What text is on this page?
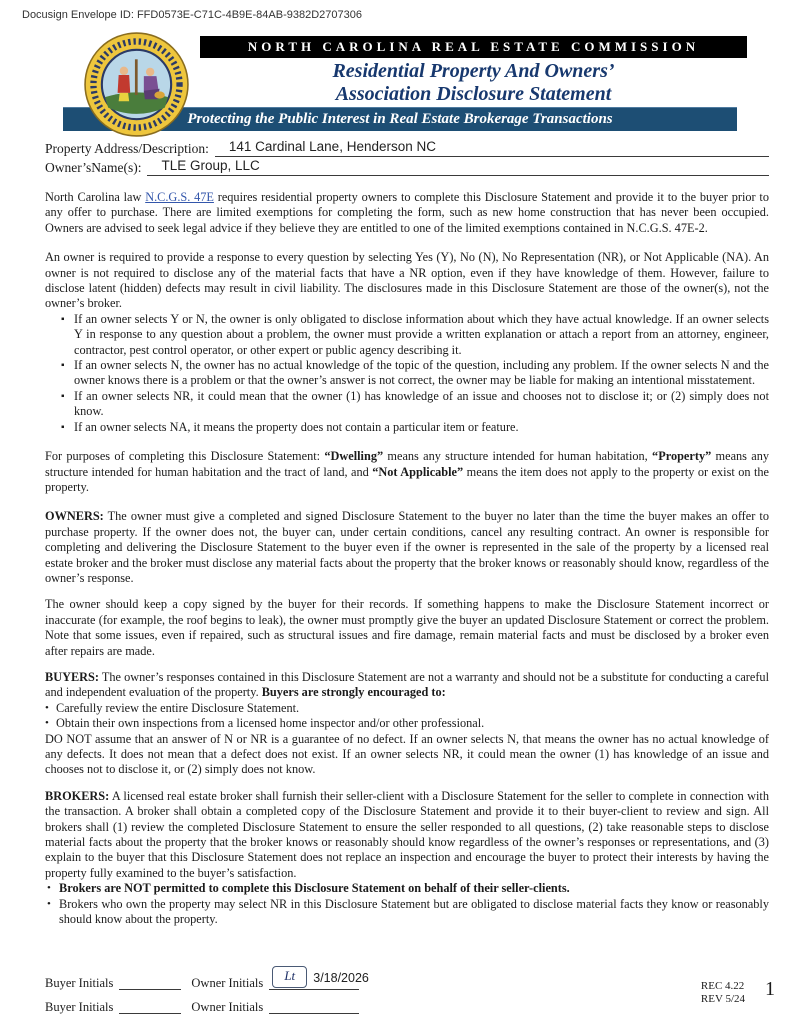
Docusign Envelope ID: FFD0573E-C71C-4B9E-84AB-9382D2707306
NORTH CAROLINA REAL ESTATE COMMISSION
Residential Property And Owners’
Association Disclosure Statement
Protecting the Public Interest in Real Estate Brokerage Transactions
Property Address/Description:	141 Cardinal Lane, Henderson NC
Owner’sName(s):	TLE Group, LLC

North Carolina law N.C.G.S. 47E requires residential property owners to complete this Disclosure Statement and provide it to the buyer prior to any offer to purchase. There are limited exemptions for completing the form, such as new home construction that has never been occupied. Owners are advised to seek legal advice if they believe they are entitled to one of the limited exemptions contained in N.C.G.S. 47E-2.

An owner is required to provide a response to every question by selecting Yes (Y), No (N), No Representation (NR), or Not Applicable (NA). An owner is not required to disclose any of the material facts that have a NR option, even if they have knowledge of them. However, failure to disclose latent (hidden) defects may result in civil liability. The disclosures made in this Disclosure Statement are those of the owner(s), not the owner’s broker.

▪ If an owner selects Y or N, the owner is only obligated to disclose information about which they have actual knowledge. If an owner selects Y in response to any question about a problem, the owner must provide a written explanation or attach a report from an attorney, engineer, contractor, pest control operator, or other expert or public agency describing it.
▪ If an owner selects N, the owner has no actual knowledge of the topic of the question, including any problem. If the owner selects N and the owner knows there is a problem or that the owner’s answer is not correct, the owner may be liable for making an intentional misstatement.
▪ If an owner selects NR, it could mean that the owner (1) has knowledge of an issue and chooses not to disclose it; or (2) simply does not know.
▪ If an owner selects NA, it means the property does not contain a particular item or feature.

For purposes of completing this Disclosure Statement: “Dwelling” means any structure intended for human habitation, “Property” means any structure intended for human habitation and the tract of land, and “Not Applicable” means the item does not apply to the property or exist on the property.

OWNERS: The owner must give a completed and signed Disclosure Statement to the buyer no later than the time the buyer makes an offer to purchase property. If the owner does not, the buyer can, under certain conditions, cancel any resulting contract. An owner is responsible for completing and delivering the Disclosure Statement to the buyer even if the owner is represented in the sale of the property by a licensed real estate broker and the broker must disclose any material facts about the property that the broker knows or reasonably should know, regardless of the owner’s response.

The owner should keep a copy signed by the buyer for their records. If something happens to make the Disclosure Statement incorrect or inaccurate (for example, the roof begins to leak), the owner must promptly give the buyer an updated Disclosure Statement or correct the problem. Note that some issues, even if repaired, such as structural issues and fire damage, remain material facts and must be disclosed by a broker even after repairs are made.

BUYERS: The owner’s responses contained in this Disclosure Statement are not a warranty and should not be a substitute for conducting a careful and independent evaluation of the property. Buyers are strongly encouraged to:

• Carefully review the entire Disclosure Statement.
• Obtain their own inspections from a licensed home inspector and/or other professional.

DO NOT assume that an answer of N or NR is a guarantee of no defect. If an owner selects N, that means the owner has no actual knowledge of any defects. It does not mean that a defect does not exist. If an owner selects NR, it could mean the owner (1) has knowledge of an issue and chooses not to disclose it, or (2) simply does not know.

BROKERS: A licensed real estate broker shall furnish their seller-client with a Disclosure Statement for the seller to complete in connection with the transaction. A broker shall obtain a completed copy of the Disclosure Statement and provide it to their buyer-client to review and sign. All brokers shall (1) review the completed Disclosure Statement to ensure the seller responded to all questions, (2) take reasonable steps to disclose material facts about the property that the broker knows or reasonably should know regardless of the owner’s responses or representations, and (3) explain to the buyer that this Disclosure Statement does not replace an inspection and encourage the buyer to protect their interests by having the property fully examined to the buyer’s satisfaction.

• Brokers are NOT permitted to complete this Disclosure Statement on behalf of their seller-clients.
• Brokers who own the property may select NR in this Disclosure Statement but are obligated to disclose material facts they know or reasonably should know about the property.
Buyer Initials	Owner Initials	Lt	3/18/2026
Buyer Initials	Owner Initials
REC 4.22
REV 5/24 1
